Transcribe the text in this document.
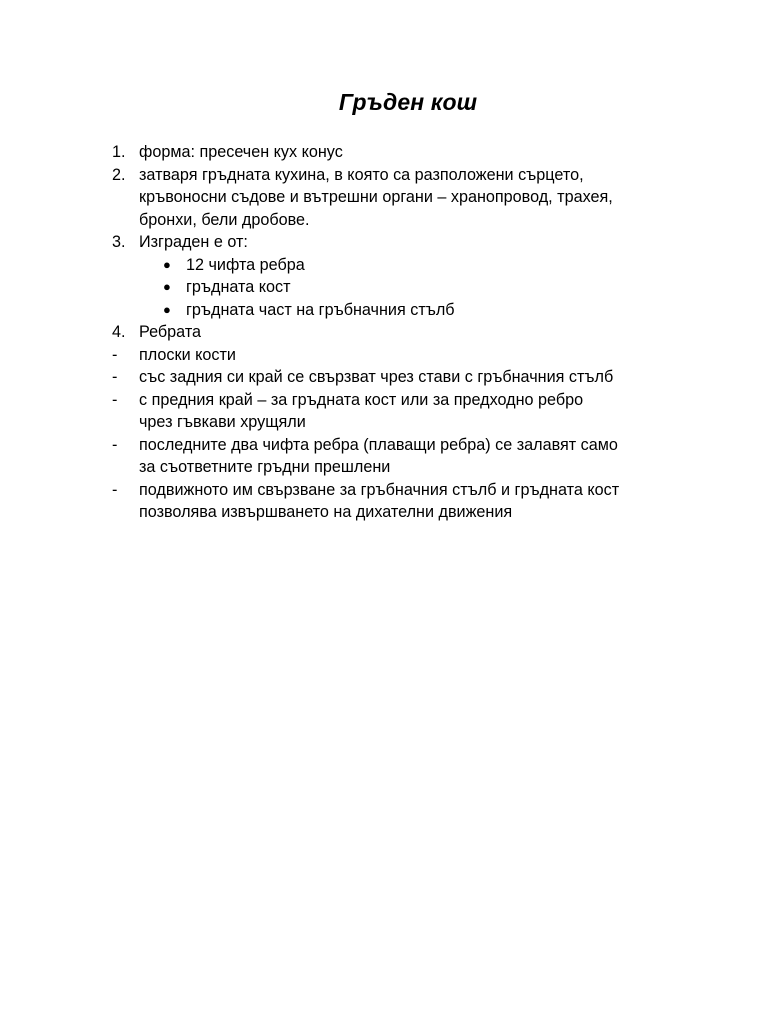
Гръден кош
1. форма: пресечен кух конус
2. затваря гръдната кухина, в която са разположени сърцето,
кръвоносни съдове и вътрешни органи – хранопровод, трахея,
бронхи, бели дробове.
3. Изграден е от:
● 12 чифта ребра
● гръдната кост
● гръдната част на гръбначния стълб
4. Ребрата
- плоски кости
- със задния си край се свързват чрез стави с гръбначния стълб
- с предния край – за гръдната кост или за предходно ребро
чрез гъвкави хрущяли
- последните два чифта ребра (плаващи ребра) се залавят само
за съответните гръдни прешлени
- подвижното им свързване за гръбначния стълб и гръдната кост
позволява извършването на дихателни движения
